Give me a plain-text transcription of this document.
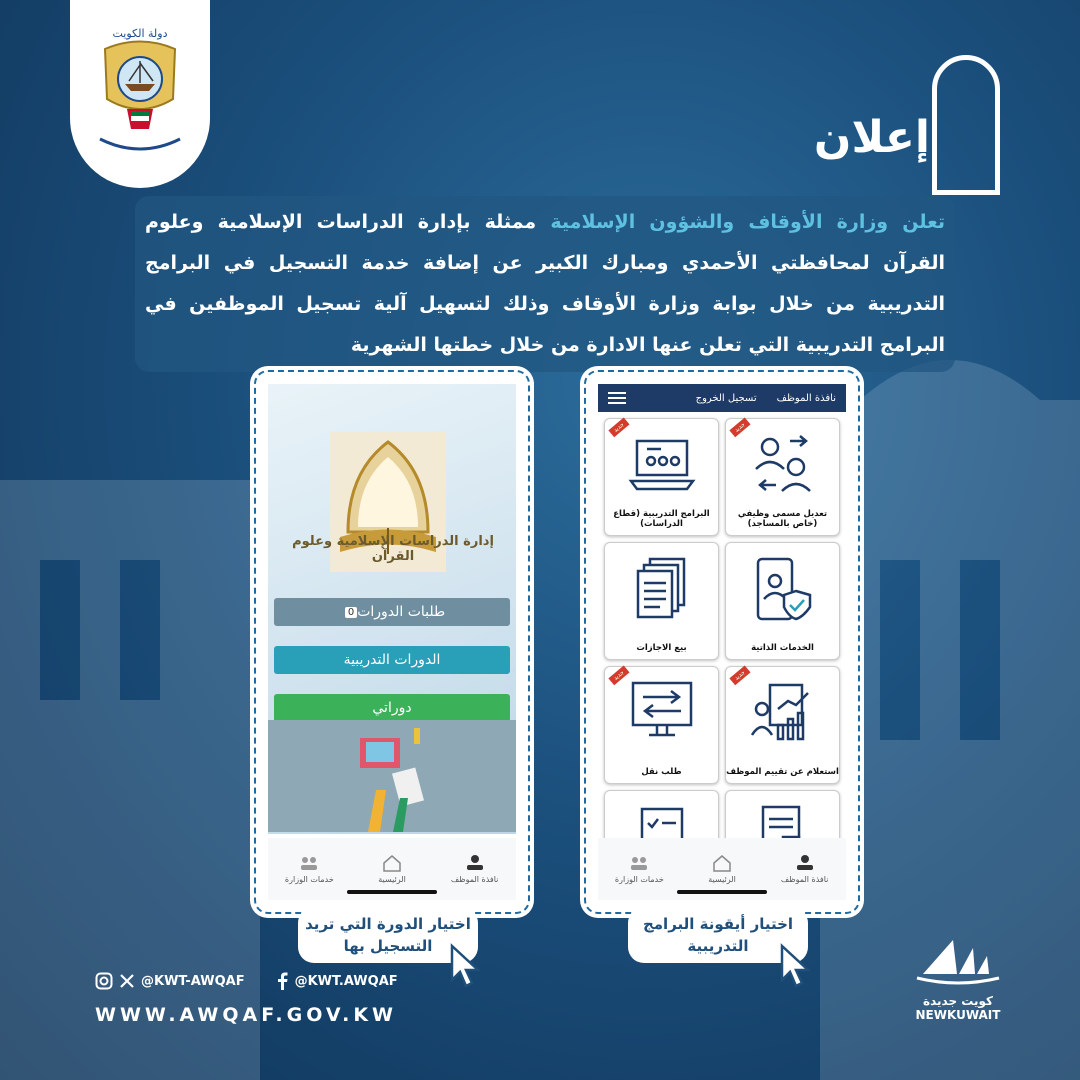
دولة الكويت
إعلان
تعلن وزارة الأوقاف والشؤون الإسلامية ممثلة بإدارة الدراسات الإسلامية وعلوم القرآن لمحافظتي الأحمدي ومبارك الكبير عن إضافة خدمة التسجيل في البرامج التدريبية من خلال بوابة وزارة الأوقاف وذلك لتسهيل آلية تسجيل الموظفين في البرامج التدريبية التي تعلن عنها الادارة من خلال خطتها الشهرية
إدارة الدراسات الإسلامية وعلوم القرآن
طلبات الدورات
0
الدورات التدريبية
دوراتي
نافذة الموظف
الرئيسية
خدمات الوزارة
نافذة الموظف
تسجيل الخروج
جديد
تعديل مسمى وظيفي (خاص بالمساجد)
جديد
البرامج التدريبية (قطاع الدراسات)
الخدمات الذاتية
بيع الاجازات
جديد
استعلام عن تقييم الموظف
جديد
طلب نقل
نافذة الموظف
الرئيسية
خدمات الوزارة
اختيار الدورة التي تريد التسجيل بها
اختيار أيقونة البرامج التدريبية
@KWT-AWQAF	@KWT.AWQAF
WWW.AWQAF.GOV.KW
كويت جديدة
NEWKUWAIT
